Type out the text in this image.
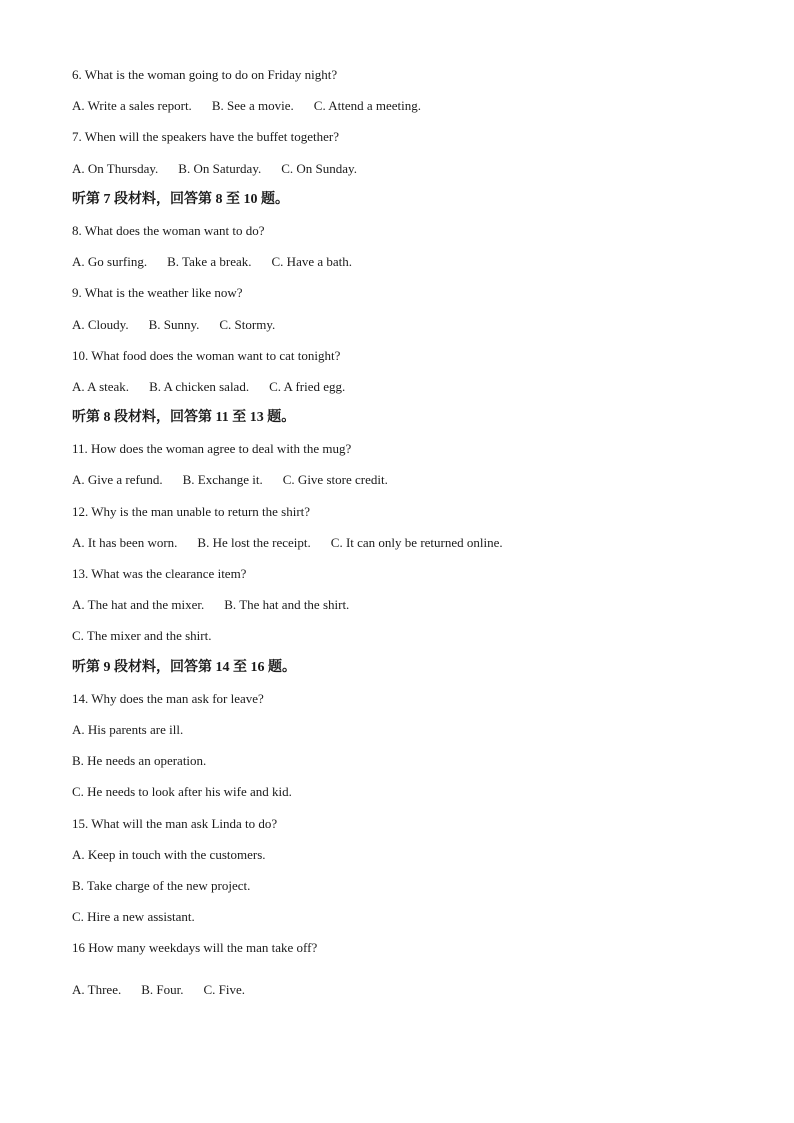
6. What is the woman going to do on Friday night?
A. Write a sales report. B. See a movie. C. Attend a meeting.
7. When will the speakers have the buffet together?
A. On Thursday. B. On Saturday. C. On Sunday.
听第 7 段材料，回答第 8 至 10 题。
8. What does the woman want to do?
A. Go surfing. B. Take a break. C. Have a bath.
9. What is the weather like now?
A. Cloudy. B. Sunny. C. Stormy.
10. What food does the woman want to cat tonight?
A. A steak. B. A chicken salad. C. A fried egg.
听第 8 段材料，回答第 11 至 13 题。
11. How does the woman agree to deal with the mug?
A. Give a refund. B. Exchange it. C. Give store credit.
12. Why is the man unable to return the shirt?
A. It has been worn. B. He lost the receipt. C. It can only be returned online.
13. What was the clearance item?
A. The hat and the mixer. B. The hat and the shirt.
C. The mixer and the shirt.
听第 9 段材料，回答第 14 至 16 题。
14. Why does the man ask for leave?
A. His parents are ill.
B. He needs an operation.
C. He needs to look after his wife and kid.
15. What will the man ask Linda to do?
A. Keep in touch with the customers.
B. Take charge of the new project.
C. Hire a new assistant.
16 How many weekdays will the man take off?
A. Three. B. Four. C. Five.
